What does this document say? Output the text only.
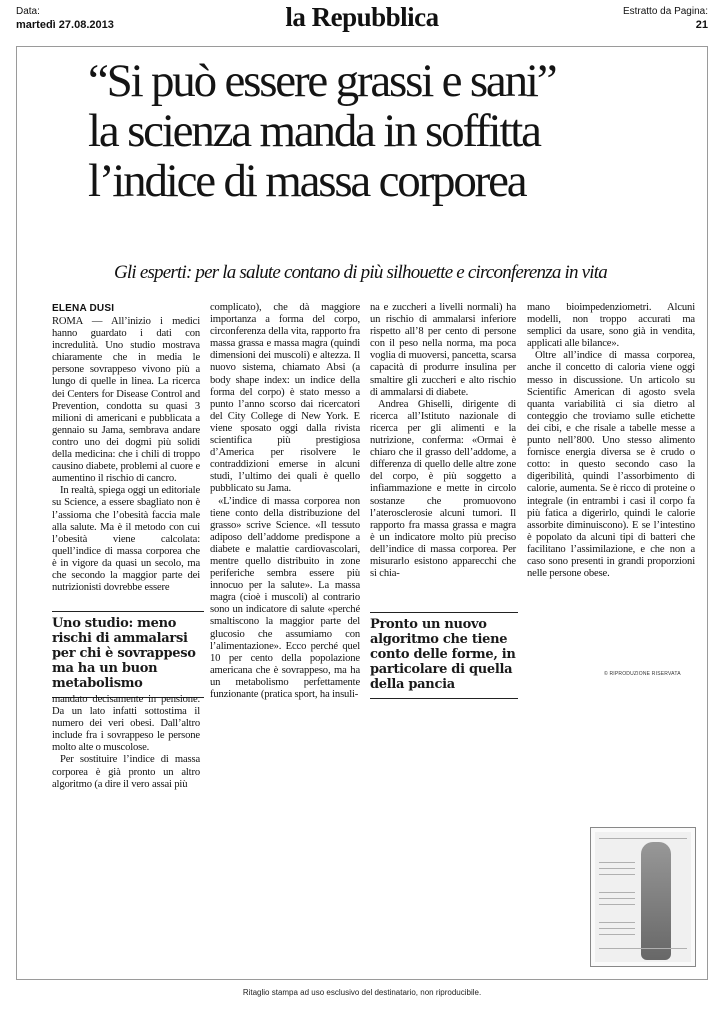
Data:
martedì 27.08.2013	la Repubblica	Estratto da Pagina:
21
“Si può essere grassi e sani”
la scienza manda in soffitta
l’indice di massa corporea
Gli esperti: per la salute contano di più silhouette e circonferenza in vita
ELENA DUSI

ROMA — All’inizio i medici hanno guardato i dati con incredulità. Uno studio mostrava chiaramente che in media le persone sovrappeso vivono più a lungo di quelle in linea. La ricerca dei Centers for Disease Control and Prevention, condotta su quasi 3 milioni di americani e pubblicata a gennaio su Jama, sembrava andare contro uno dei dogmi più solidi della medicina: che i chili di troppo causino diabete, problemi al cuore e aumentino il rischio di cancro.

In realtà, spiega oggi un editoriale su Science, a essere sbagliato non è l’assioma che l’obesità faccia male alla salute. Ma è il metodo con cui l’obesità viene calcolata: quell’indice di massa corporea che è in vigore da quasi un secolo, ma che secondo la maggior parte dei nutrizionisti dovrebbe essere

Uno studio: meno rischi di ammalarsi per chi è sovrappeso ma ha un buon metabolismo

mandato decisamente in pensione. Da un lato infatti sottostima il numero dei veri obesi. Dall’altro include fra i sovrappeso le persone molto alte o muscolose.

Per sostituire l’indice di massa corporea è già pronto un altro algoritmo (a dire il vero assai più

complicato), che dà maggiore importanza a forma del corpo, circonferenza della vita, rapporto fra massa grassa e massa magra (quindi dimensioni dei muscoli) e altezza. Il nuovo sistema, chiamato Absi (a body shape index: un indice della forma del corpo) è stato messo a punto l’anno scorso dai ricercatori del City College di New York. E viene sposato oggi dalla rivista scientifica più prestigiosa d’America per risolvere le contraddizioni emerse in alcuni studi, l’ultimo dei quali è quello pubblicato su Jama.

«L’indice di massa corporea non tiene conto della distribuzione del grasso» scrive Science. «Il tessuto adiposo dell’addome predispone a diabete e malattie cardiovascolari, mentre quello distribuito in zone periferiche sembra essere più innocuo per la salute». La massa magra (cioè i muscoli) al contrario sono un indicatore di salute «perché smaltiscono la maggior parte del glucosio che assumiamo con l’alimentazione». Ecco perché quel 10 per cento della popolazione americana che è sovrappeso, ma ha un metabolismo perfettamente funzionante (pratica sport, ha insuli-

na e zuccheri a livelli normali) ha un rischio di ammalarsi inferiore rispetto all’8 per cento di persone con il peso nella norma, ma poca voglia di muoversi, pancetta, scarsa capacità di produrre insulina per smaltire gli zuccheri e alto rischio di ammalarsi di diabete.

Andrea Ghiselli, dirigente di ricerca all’Istituto nazionale di ricerca per gli alimenti e la nutrizione, conferma: «Ormai è chiaro che il grasso dell’addome, a differenza di quello delle altre zone del corpo, è più soggetto a infiammazione e mette in circolo sostanze che promuovono l’aterosclerosie alcuni tumori. Il rapporto fra massa grassa e magra è un indicatore molto più preciso dell’indice di massa corporea. Per misurarlo esistono apparecchi che si chia-

Pronto un nuovo algoritmo che tiene conto delle forme, in particolare di quella della pancia

mano bioimpedenziometri. Alcuni modelli, non troppo accurati ma semplici da usare, sono già in vendita, applicati alle bilance».

Oltre all’indice di massa corporea, anche il concetto di caloria viene oggi messo in discussione. Un articolo su Scientific American di agosto svela quanta variabilità ci sia dietro al conteggio che troviamo sulle etichette dei cibi, e che risale a tabelle messe a punto nell’800. Uno stesso alimento fornisce energia diversa se è crudo o cotto: in questo secondo caso la digeribilità, quindi l’assorbimento di calorie, aumenta. Se è ricco di proteine o integrale (in entrambi i casi il corpo fa più fatica a digerirlo, quindi le calorie assorbite diminuiscono). E se l’intestino è popolato da alcuni tipi di batteri che facilitano l’assimilazione, e che non a caso sono presenti in grandi proporzioni nelle persone obese.

© RIPRODUZIONE RISERVATA
Ritaglio stampa ad uso esclusivo del destinatario, non riproducibile.
